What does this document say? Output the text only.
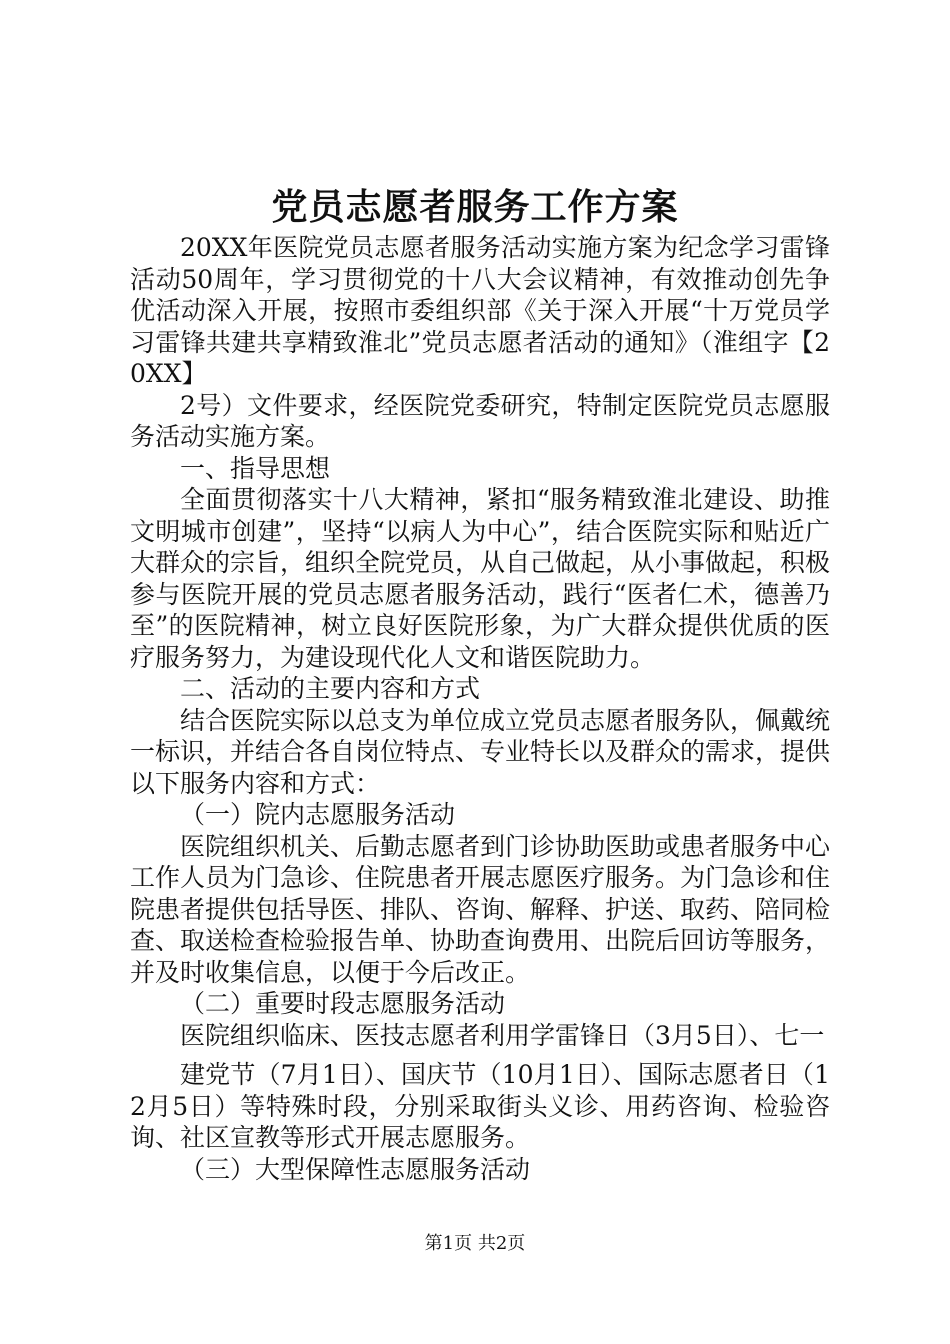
党员志愿者服务工作方案

20XX年医院党员志愿者服务活动实施方案为纪念学习雷锋活动50周年，学习贯彻党的十八大会议精神，有效推动创先争优活动深入开展，按照市委组织部《关于深入开展“十万党员学习雷锋共建共享精致淮北”党员志愿者活动的通知》（淮组字【20XX】

2号）文件要求，经医院党委研究，特制定医院党员志愿服务活动实施方案。

一、指导思想

全面贯彻落实十八大精神，紧扣“服务精致淮北建设、助推文明城市创建”，坚持“以病人为中心”，结合医院实际和贴近广大群众的宗旨，组织全院党员，从自己做起，从小事做起，积极参与医院开展的党员志愿者服务活动，践行“医者仁术，德善乃至”的医院精神，树立良好医院形象，为广大群众提供优质的医疗服务努力，为建设现代化人文和谐医院助力。

二、活动的主要内容和方式

结合医院实际以总支为单位成立党员志愿者服务队，佩戴统一标识，并结合各自岗位特点、专业特长以及群众的需求，提供以下服务内容和方式：

（一）院内志愿服务活动

医院组织机关、后勤志愿者到门诊协助医助或患者服务中心工作人员为门急诊、住院患者开展志愿医疗服务。为门急诊和住院患者提供包括导医、排队、咨询、解释、护送、取药、陪同检查、取送检查检验报告单、协助查询费用、出院后回访等服务，并及时收集信息，以便于今后改正。

（二）重要时段志愿服务活动

医院组织临床、医技志愿者利用学雷锋日（3月5日）、七一

建党节（7月1日）、国庆节（10月1日）、国际志愿者日（12月5日）等特殊时段，分别采取街头义诊、用药咨询、检验咨询、社区宣教等形式开展志愿服务。

（三）大型保障性志愿服务活动

第1页 共2页
